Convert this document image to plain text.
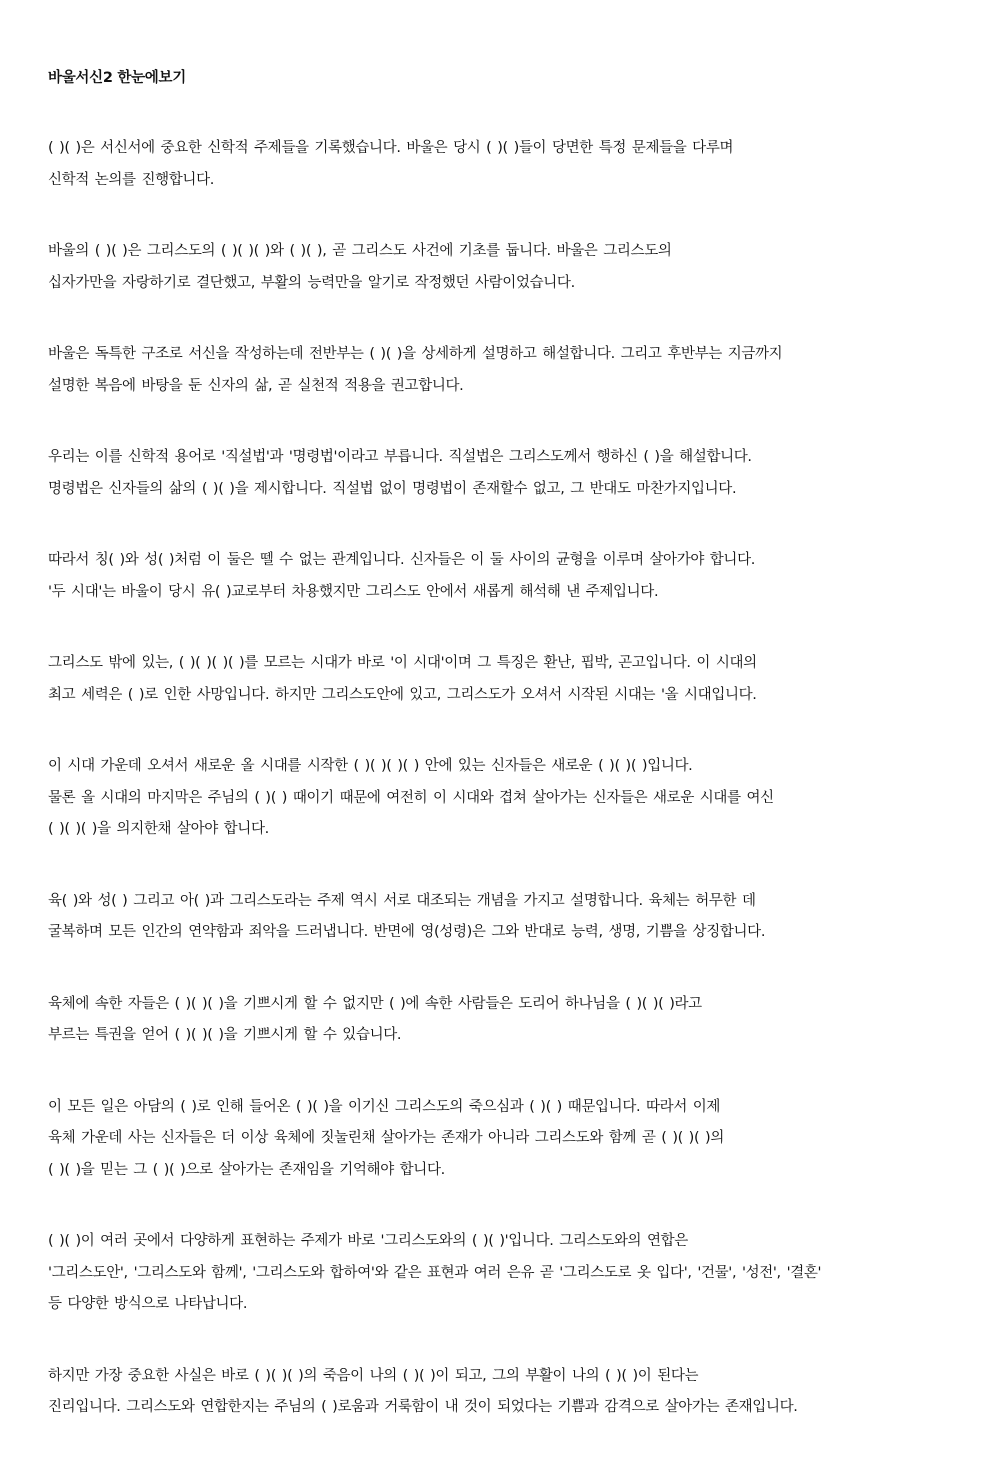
바울서신2 한눈에보기
( )( )은 서신서에 중요한 신학적 주제들을 기록했습니다. 바울은 당시 ( )( )들이 당면한 특정 문제들을 다루며
신학적 논의를 진행합니다.
바울의 ( )( )은 그리스도의 ( )( )( )와 ( )( ), 곧 그리스도 사건에 기초를 둡니다. 바울은 그리스도의
십자가만을 자랑하기로 결단했고, 부활의 능력만을 알기로 작정했던 사람이었습니다.
바울은 독특한 구조로 서신을 작성하는데 전반부는 ( )( )을 상세하게 설명하고 해설합니다. 그리고 후반부는 지금까지
설명한 복음에 바탕을 둔 신자의 삶, 곧 실천적 적용을 권고합니다.
우리는 이를 신학적 용어로 '직설법'과 '명령법'이라고 부릅니다. 직설법은 그리스도께서 행하신 ( )을 해설합니다.
명령법은 신자들의 삶의 ( )( )을 제시합니다. 직설법 없이 명령법이 존재할수 없고, 그 반대도 마찬가지입니다.
따라서 칭( )와 성( )처럼 이 둘은 뗄 수 없는 관계입니다. 신자들은 이 둘 사이의 균형을 이루며 살아가야 합니다.
'두 시대'는 바울이 당시 유( )교로부터 차용했지만 그리스도 안에서 새롭게 해석해 낸 주제입니다.
그리스도 밖에 있는, ( )( )( )( )를 모르는 시대가 바로 '이 시대'이며 그 특징은 환난, 핍박, 곤고입니다. 이 시대의
최고 세력은 ( )로 인한 사망입니다. 하지만 그리스도안에 있고, 그리스도가 오셔서 시작된 시대는 '올 시대입니다.
이 시대 가운데 오셔서 새로운 올 시대를 시작한 ( )( )( )( ) 안에 있는 신자들은 새로운 ( )( )( )입니다.
물론 올 시대의 마지막은 주님의 ( )( ) 때이기 때문에 여전히 이 시대와 겹쳐 살아가는 신자들은 새로운 시대를 여신
( )( )( )을 의지한채 살아야 합니다.
육( )와 성( ) 그리고 아( )과 그리스도라는 주제 역시 서로 대조되는 개념을 가지고 설명합니다. 육체는 허무한 데
굴복하며 모든 인간의 연약함과 죄악을 드러냅니다. 반면에 영(성령)은 그와 반대로 능력, 생명, 기쁨을 상징합니다.
육체에 속한 자들은 ( )( )( )을 기쁘시게 할 수 없지만 ( )에 속한 사람들은 도리어 하나님을 ( )( )( )라고
부르는 특권을 얻어 ( )( )( )을 기쁘시게 할 수 있습니다.
이 모든 일은 아담의 ( )로 인해 들어온 ( )( )을 이기신 그리스도의 죽으심과 ( )( ) 때문입니다. 따라서 이제
육체 가운데 사는 신자들은 더 이상 육체에 짓눌린채 살아가는 존재가 아니라 그리스도와 함께 곧 ( )( )( )의
( )( )을 믿는 그 ( )( )으로 살아가는 존재임을 기억해야 합니다.
( )( )이 여러 곳에서 다양하게 표현하는 주제가 바로 '그리스도와의 ( )( )'입니다. 그리스도와의 연합은
'그리스도안', '그리스도와 함께', '그리스도와 합하여'와 같은 표현과 여러 은유 곧 '그리스도로 옷 입다', '건물', '성전', '결혼'
등 다양한 방식으로 나타납니다.
하지만 가장 중요한 사실은 바로 ( )( )( )의 죽음이 나의 ( )( )이 되고, 그의 부활이 나의 ( )( )이 된다는
진리입니다. 그리스도와 연합한지는 주님의 ( )로움과 거룩함이 내 것이 되었다는 기쁨과 감격으로 살아가는 존재입니다.
